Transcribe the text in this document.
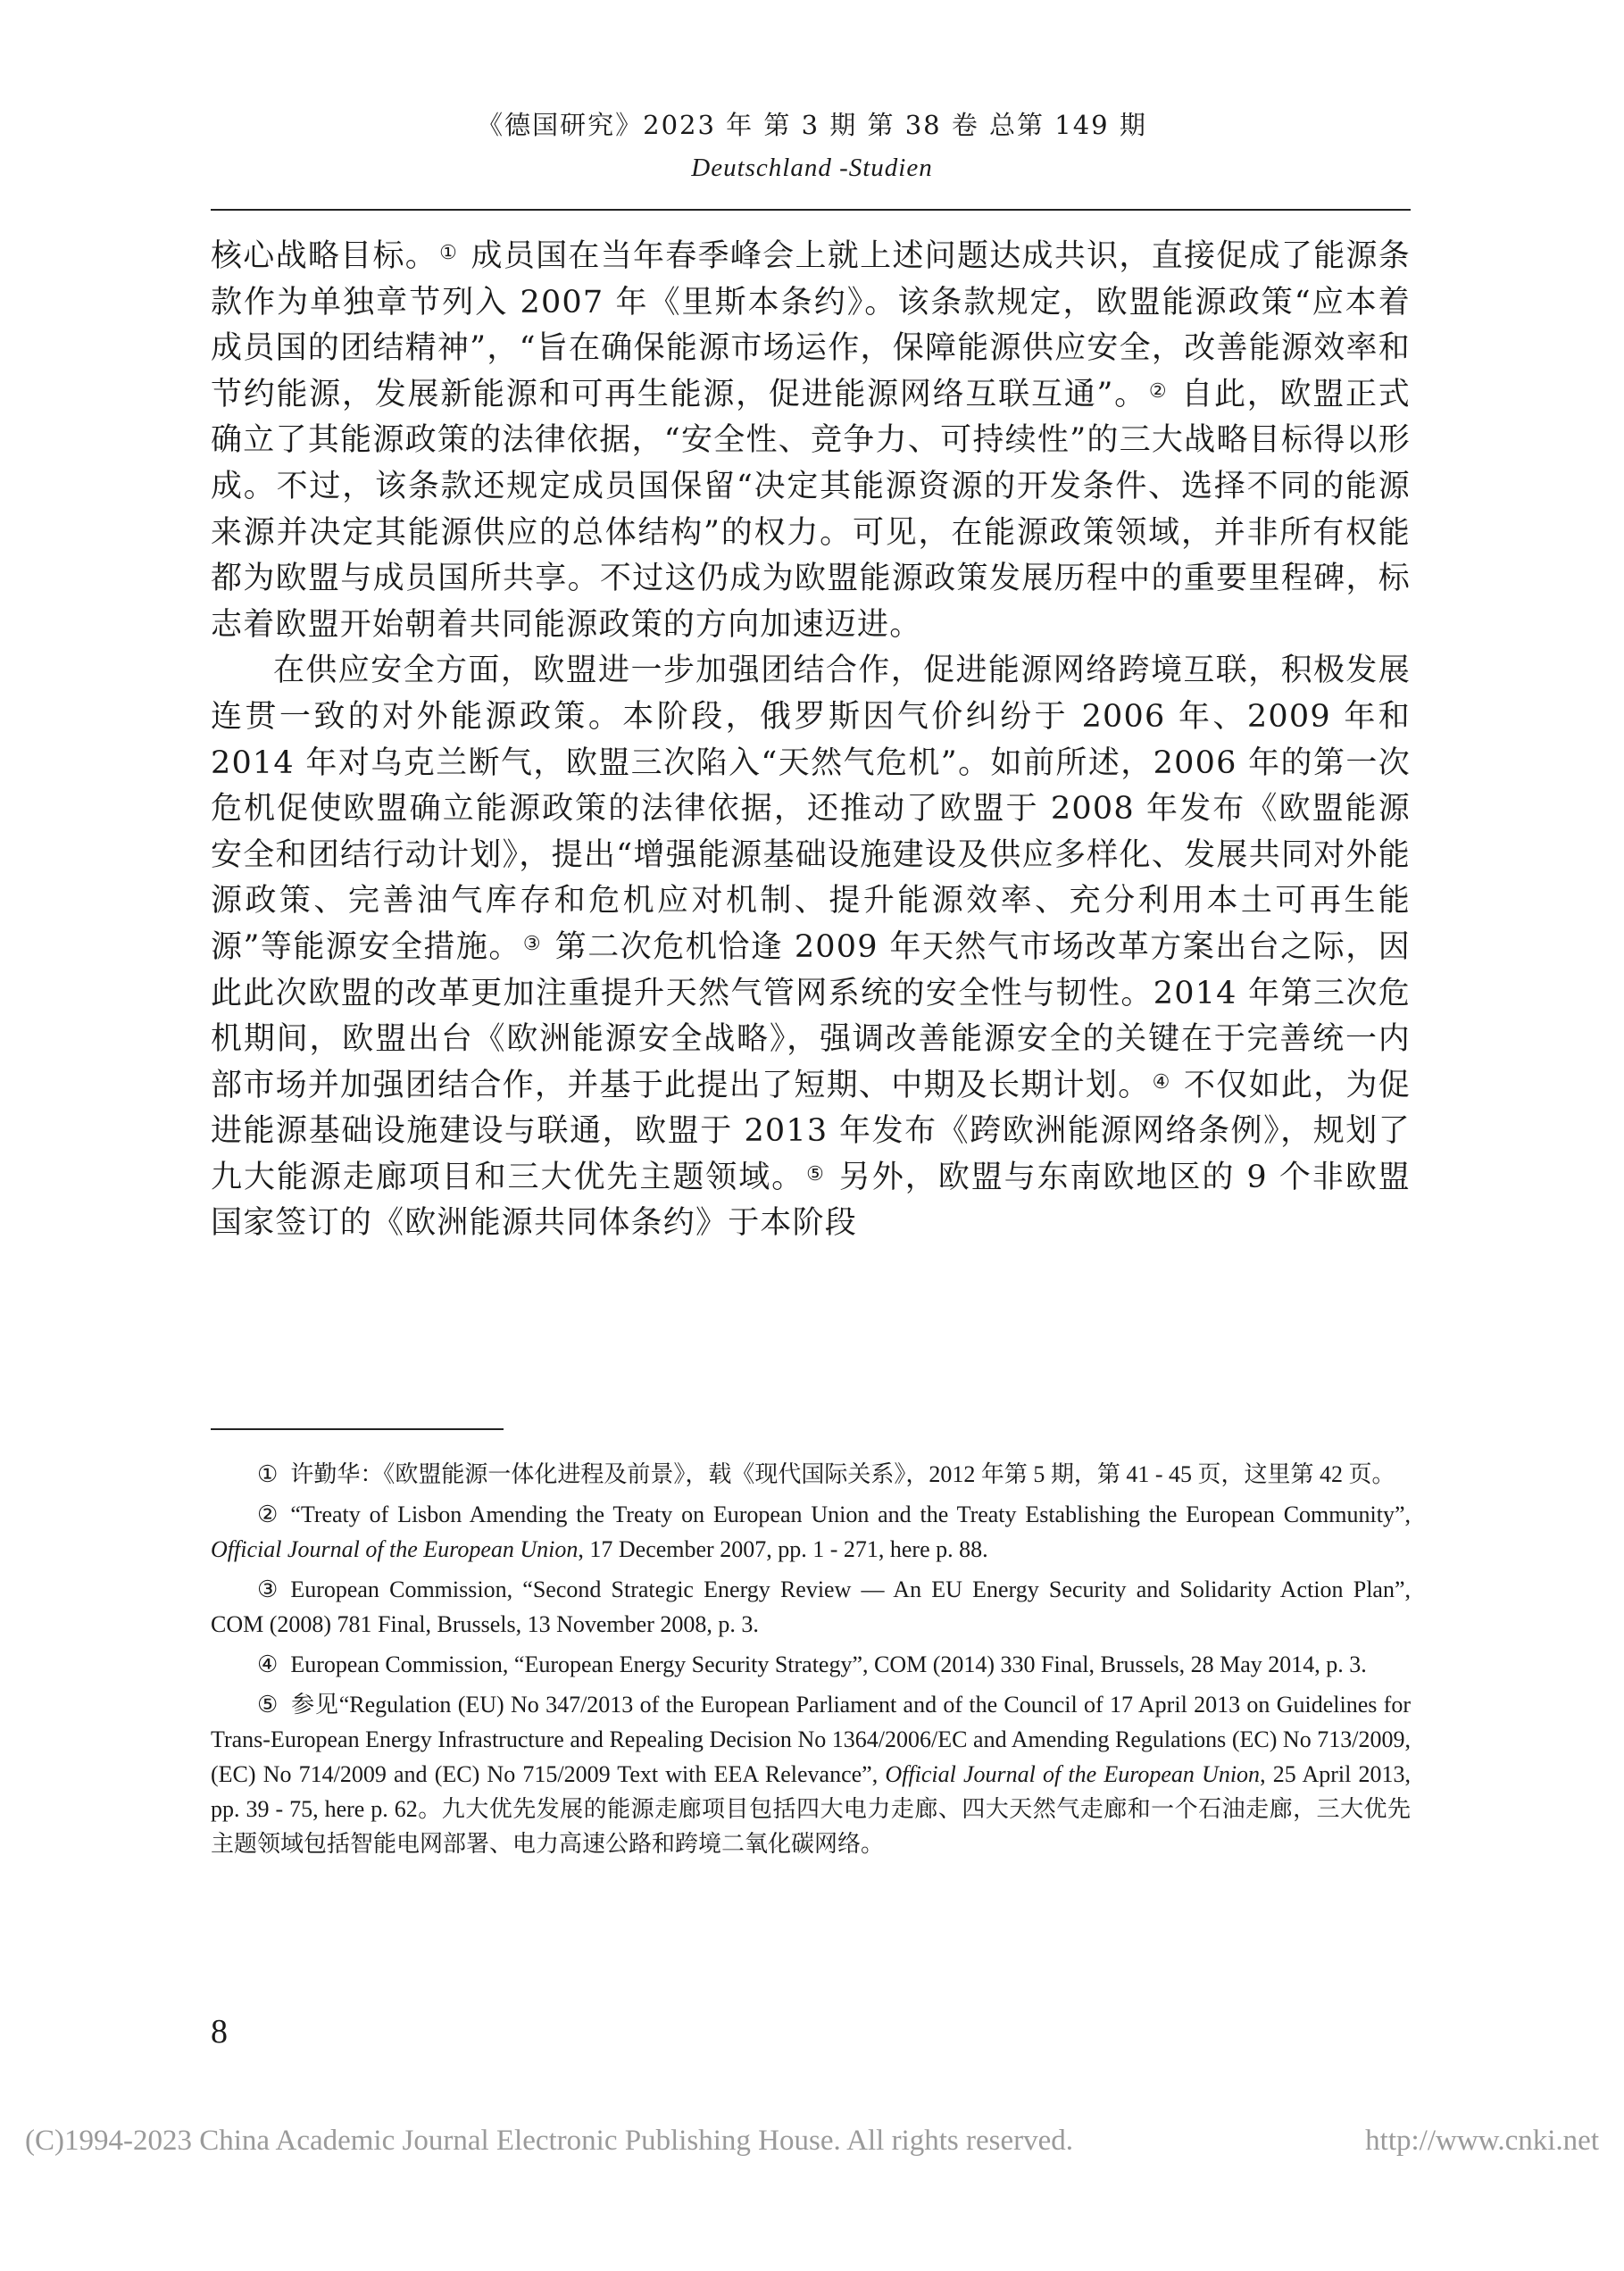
《德国研究》2023 年 第 3 期 第 38 卷 总第 149 期
Deutschland -Studien

核心战略目标。① 成员国在当年春季峰会上就上述问题达成共识，直接促成了能源条款作为单独章节列入 2007 年《里斯本条约》。该条款规定，欧盟能源政策“应本着成员国的团结精神”，“旨在确保能源市场运作，保障能源供应安全，改善能源效率和节约能源，发展新能源和可再生能源，促进能源网络互联互通”。② 自此，欧盟正式确立了其能源政策的法律依据，“安全性、竞争力、可持续性”的三大战略目标得以形成。不过，该条款还规定成员国保留“决定其能源资源的开发条件、选择不同的能源来源并决定其能源供应的总体结构”的权力。可见，在能源政策领域，并非所有权能都为欧盟与成员国所共享。不过这仍成为欧盟能源政策发展历程中的重要里程碑，标志着欧盟开始朝着共同能源政策的方向加速迈进。

在供应安全方面，欧盟进一步加强团结合作，促进能源网络跨境互联，积极发展连贯一致的对外能源政策。本阶段，俄罗斯因气价纠纷于 2006 年、2009 年和 2014 年对乌克兰断气，欧盟三次陷入“天然气危机”。如前所述，2006 年的第一次危机促使欧盟确立能源政策的法律依据，还推动了欧盟于 2008 年发布《欧盟能源安全和团结行动计划》，提出“增强能源基础设施建设及供应多样化、发展共同对外能源政策、完善油气库存和危机应对机制、提升能源效率、充分利用本土可再生能源”等能源安全措施。③ 第二次危机恰逢 2009 年天然气市场改革方案出台之际，因此此次欧盟的改革更加注重提升天然气管网系统的安全性与韧性。2014 年第三次危机期间，欧盟出台《欧洲能源安全战略》，强调改善能源安全的关键在于完善统一内部市场并加强团结合作，并基于此提出了短期、中期及长期计划。④ 不仅如此，为促进能源基础设施建设与联通，欧盟于 2013 年发布《跨欧洲能源网络条例》，规划了九大能源走廊项目和三大优先主题领域。⑤ 另外，欧盟与东南欧地区的 9 个非欧盟国家签订的《欧洲能源共同体条约》于本阶段

① 许勤华：《欧盟能源一体化进程及前景》，载《现代国际关系》，2012 年第 5 期，第 41 - 45 页，这里第 42 页。

② “Treaty of Lisbon Amending the Treaty on European Union and the Treaty Establishing the European Community”, Official Journal of the European Union, 17 December 2007, pp. 1 - 271, here p. 88.

③ European Commission, “Second Strategic Energy Review — An EU Energy Security and Solidarity Action Plan”, COM (2008) 781 Final, Brussels, 13 November 2008, p. 3.

④ European Commission, “European Energy Security Strategy”, COM (2014) 330 Final, Brussels, 28 May 2014, p. 3.

⑤ 参见“Regulation (EU) No 347/2013 of the European Parliament and of the Council of 17 April 2013 on Guidelines for Trans-European Energy Infrastructure and Repealing Decision No 1364/2006/EC and Amending Regulations (EC) No 713/2009, (EC) No 714/2009 and (EC) No 715/2009 Text with EEA Relevance”, Official Journal of the European Union, 25 April 2013, pp. 39 - 75, here p. 62。九大优先发展的能源走廊项目包括四大电力走廊、四大天然气走廊和一个石油走廊，三大优先主题领域包括智能电网部署、电力高速公路和跨境二氧化碳网络。

8
(C)1994-2023 China Academic Journal Electronic Publishing House. All rights reserved.	http://www.cnki.net
